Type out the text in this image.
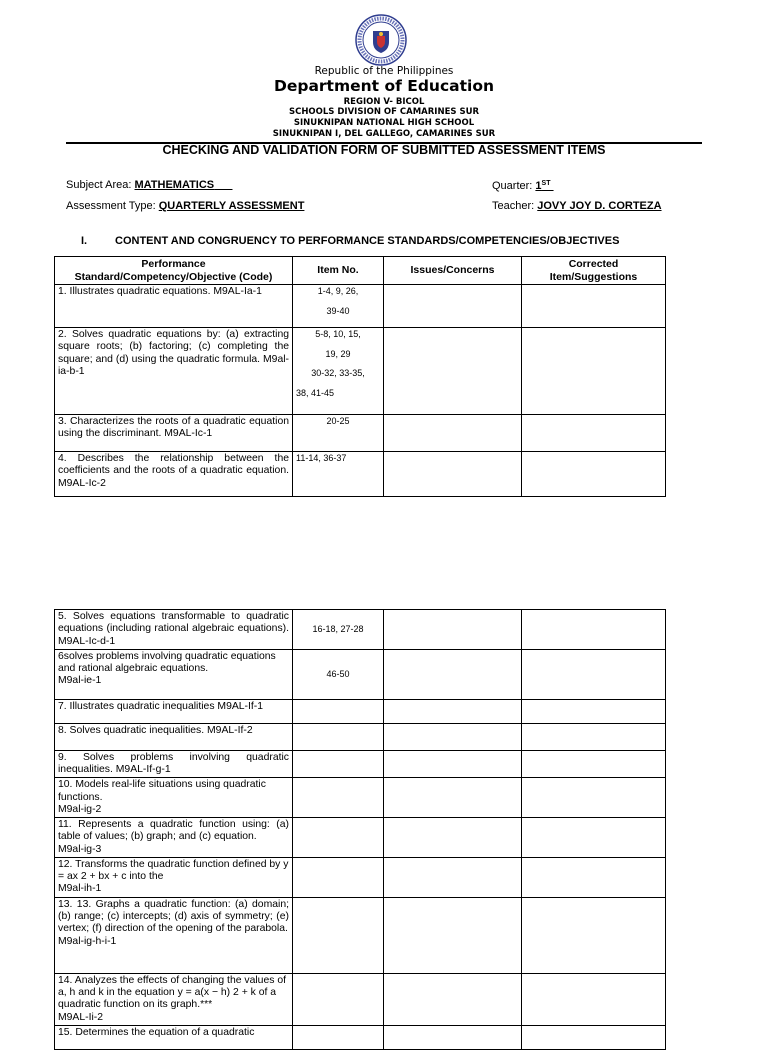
Republic of the Philippines
Department of Education
REGION V- BICOL
SCHOOLS DIVISION OF CAMARINES SUR
SINUKNIPAN NATIONAL HIGH SCHOOL
SINUKNIPAN I, DEL GALLEGO, CAMARINES SUR
CHECKING AND VALIDATION FORM OF SUBMITTED ASSESSMENT ITEMS
Subject Area: MATHEMATICS	Quarter: 1ST
Assessment Type: QUARTERLY ASSESSMENT	Teacher: JOVY JOY D. CORTEZA
I.	CONTENT AND CONGRUENCY TO PERFORMANCE STANDARDS/COMPETENCIES/OBJECTIVES
Performance
Standard/Competency/Objective (Code)	Item No.	Issues/Concerns	Corrected
Item/Suggestions

1. Illustrates quadratic equations. M9AL-Ia-1	1-4, 9, 26,
39-40		

2. Solves quadratic equations by: (a) extracting square roots; (b) factoring; (c) completing the square; and (d) using the quadratic formula. M9al-ia-b-1	5-8, 10, 15,
19, 29
30-32, 33-35,
38, 41-45		

3. Characterizes the roots of a quadratic equation using the discriminant. M9AL-Ic-1	20-25		
4. Describes the relationship between the coefficients and the roots of a quadratic equation. M9AL-Ic-2	11-14, 36-37		
5. Solves equations transformable to quadratic equations (including rational algebraic equations). M9AL-Ic-d-1	16-18, 27-28		

6solves problems involving quadratic equations and rational algebraic equations.
M9al-ie-1	46-50		
7. Illustrates quadratic inequalities M9AL-If-1			
8. Solves quadratic inequalities. M9AL-If-2			
9. Solves problems involving quadratic inequalities. M9AL-If-g-1			

10. Models real-life situations using quadratic functions.
M9al-ig-2			

11. Represents a quadratic function using: (a) table of values; (b) graph; and (c) equation.
M9al-ig-3			

12. Transforms the quadratic function defined by y = ax 2 + bx + c into the
M9al-ih-1			

13. 13. Graphs a quadratic function: (a) domain; (b) range; (c) intercepts; (d) axis of symmetry; (e) vertex; (f) direction of the opening of the parabola.
M9al-ig-h-i-1			

14. Analyzes the effects of changing the values of a, h and k in the equation y = a(x − h) 2 + k of a quadratic function on its graph.***
M9AL-Ii-2			

15. Determines the equation of a quadratic			
